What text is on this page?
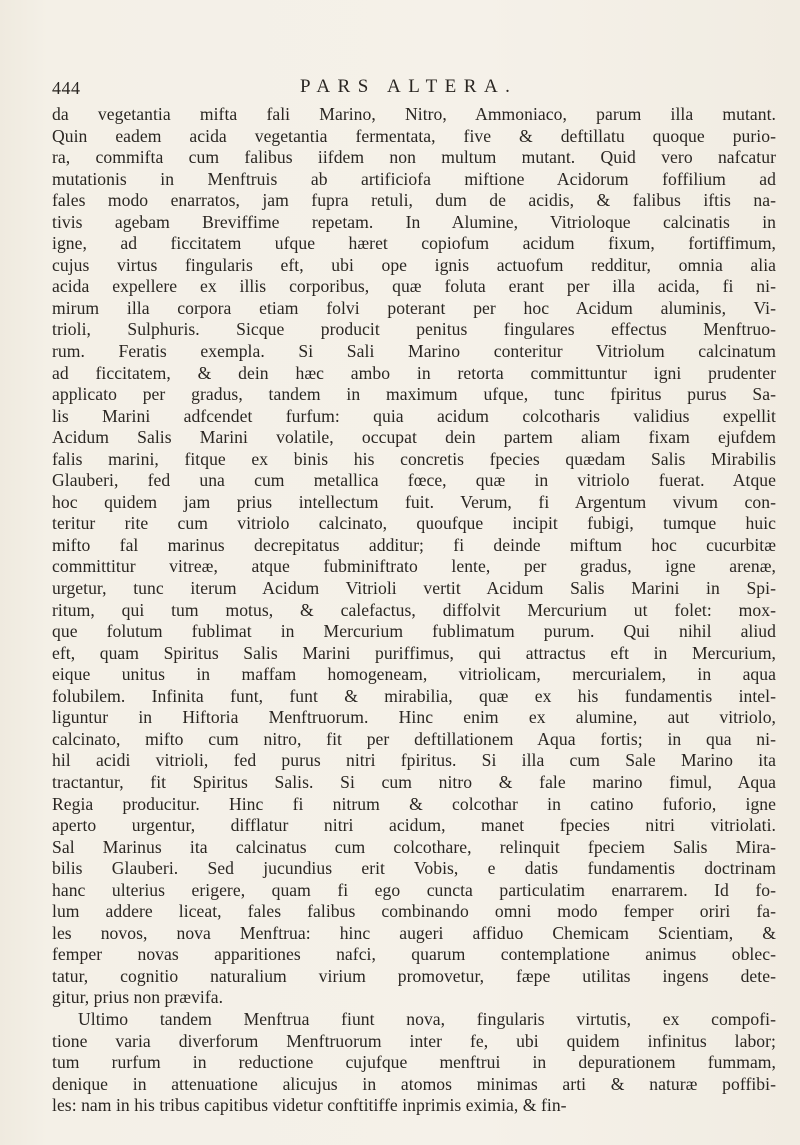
444	PARS ALTERA.
da vegetantia mifta fali Marino, Nitro, Ammoniaco, parum illa mutant.
Quin eadem acida vegetantia fermentata, five & deftillatu quoque purio-
ra, commifta cum falibus iifdem non multum mutant. Quid vero nafcatur
mutationis in Menftruis ab artificiofa miftione Acidorum foffilium ad
fales modo enarratos, jam fupra retuli, dum de acidis, & falibus iftis na-
tivis agebam Breviffime repetam. In Alumine, Vitrioloque calcinatis in
igne, ad ficcitatem ufque hæret copiofum acidum fixum, fortiffimum,
cujus virtus fingularis eft, ubi ope ignis actuofum redditur, omnia alia
acida expellere ex illis corporibus, quæ foluta erant per illa acida, fi ni-
mirum illa corpora etiam folvi poterant per hoc Acidum aluminis, Vi-
trioli, Sulphuris. Sicque producit penitus fingulares effectus Menftruo-
rum. Feratis exempla. Si Sali Marino conteritur Vitriolum calcinatum
ad ficcitatem, & dein hæc ambo in retorta committuntur igni prudenter
applicato per gradus, tandem in maximum ufque, tunc fpiritus purus Sa-
lis Marini adfcendet furfum: quia acidum colcotharis validius expellit
Acidum Salis Marini volatile, occupat dein partem aliam fixam ejufdem
falis marini, fitque ex binis his concretis fpecies quædam Salis Mirabilis
Glauberi, fed una cum metallica fœce, quæ in vitriolo fuerat. Atque
hoc quidem jam prius intellectum fuit. Verum, fi Argentum vivum con-
teritur rite cum vitriolo calcinato, quoufque incipit fubigi, tumque huic
mifto fal marinus decrepitatus additur; fi deinde miftum hoc cucurbitæ
committitur vitreæ, atque fubminiftrato lente, per gradus, igne arenæ,
urgetur, tunc iterum Acidum Vitrioli vertit Acidum Salis Marini in Spi-
ritum, qui tum motus, & calefactus, diffolvit Mercurium ut folet: mox-
que folutum fublimat in Mercurium fublimatum purum. Qui nihil aliud
eft, quam Spiritus Salis Marini puriffimus, qui attractus eft in Mercurium,
eique unitus in maffam homogeneam, vitriolicam, mercurialem, in aqua
folubilem. Infinita funt, funt & mirabilia, quæ ex his fundamentis intel-
liguntur in Hiftoria Menftruorum. Hinc enim ex alumine, aut vitriolo,
calcinato, mifto cum nitro, fit per deftillationem Aqua fortis; in qua ni-
hil acidi vitrioli, fed purus nitri fpiritus. Si illa cum Sale Marino ita
tractantur, fit Spiritus Salis. Si cum nitro & fale marino fimul, Aqua
Regia producitur. Hinc fi nitrum & colcothar in catino fuforio, igne
aperto urgentur, difflatur nitri acidum, manet fpecies nitri vitriolati.
Sal Marinus ita calcinatus cum colcothare, relinquit fpeciem Salis Mira-
bilis Glauberi. Sed jucundius erit Vobis, e datis fundamentis doctrinam
hanc ulterius erigere, quam fi ego cuncta particulatim enarrarem. Id fo-
lum addere liceat, fales falibus combinando omni modo femper oriri fa-
les novos, nova Menftrua: hinc augeri affiduo Chemicam Scientiam, &
femper novas apparitiones nafci, quarum contemplatione animus oblec-
tatur, cognitio naturalium virium promovetur, fæpe utilitas ingens dete-
gitur, prius non prævifa.
Ultimo tandem Menftrua fiunt nova, fingularis virtutis, ex compofi-
tione varia diverforum Menftruorum inter fe, ubi quidem infinitus labor;
tum rurfum in reductione cujufque menftrui in depurationem fummam,
denique in attenuatione alicujus in atomos minimas arti & naturæ poffibi-
les: nam in his tribus capitibus videtur conftitiffe inprimis eximia, & fin-
